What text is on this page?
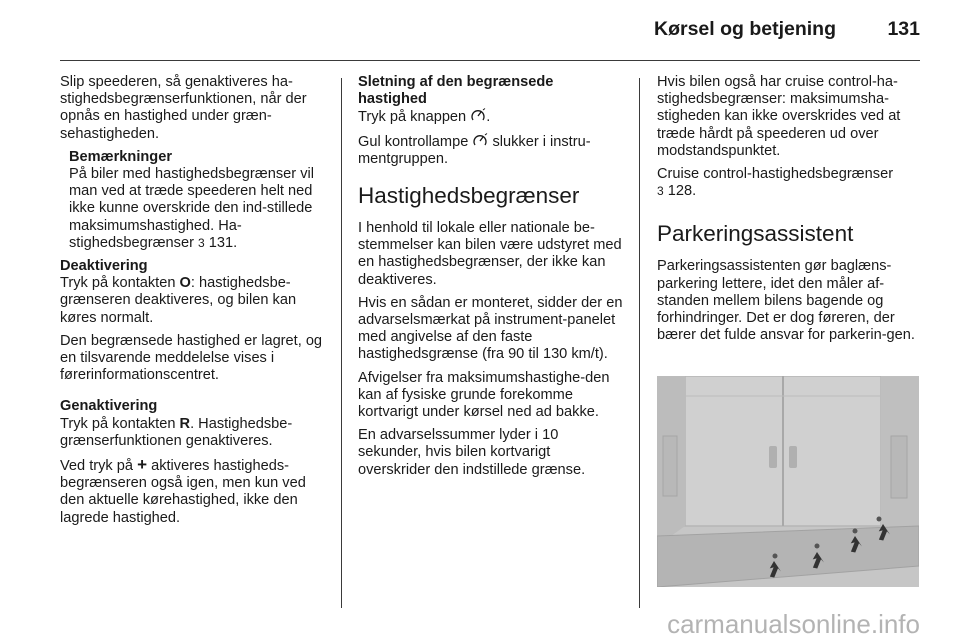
Kørsel og betjening	131

Slip speederen, så genaktiveres ha-stighedsbegrænserfunktionen, når der opnås en hastighed under græn-sehastigheden.

Bemærkninger

På biler med hastighedsbegrænser vil man ved at træde speederen helt ned ikke kunne overskride den ind-stillede maksimumshastighed. Ha-stighedsbegrænser 3 131.

Deaktivering

Tryk på kontakten O: hastighedsbe-grænseren deaktiveres, og bilen kan køres normalt.

Den begrænsede hastighed er lagret, og en tilsvarende meddelelse vises i førerinformationscentret.

Genaktivering

Tryk på kontakten R. Hastighedsbe-grænserfunktionen genaktiveres.

Ved tryk på + aktiveres hastigheds-begrænseren også igen, men kun ved den aktuelle kørehastighed, ikke den lagrede hastighed.

Sletning af den begrænsede hastighed

Tryk på knappen .

Gul kontrollampe slukker i instru-mentgruppen.

Hastighedsbegrænser

I henhold til lokale eller nationale be-stemmelser kan bilen være udstyret med en hastighedsbegrænser, der ikke kan deaktiveres.

Hvis en sådan er monteret, sidder der en advarselsmærkat på instrument-panelet med angivelse af den faste hastighedsgrænse (fra 90 til 130 km/t).

Afvigelser fra maksimumshastighe-den kan af fysiske grunde forekomme kortvarigt under kørsel ned ad bakke.

En advarselssummer lyder i 10 sekunder, hvis bilen kortvarigt overskrider den indstillede grænse.

Hvis bilen også har cruise control-ha-stighedsbegrænser: maksimumsha-stigheden kan ikke overskrides ved at træde hårdt på speederen ud over modstandspunktet.

Cruise control-hastighedsbegrænser
3 128.

Parkeringsassistent

Parkeringsassistenten gør baglæns-parkering lettere, idet den måler af-standen mellem bilens bagende og forhindringer. Det er dog føreren, der bærer det fulde ansvar for parkerin-gen.

carmanualsonline.info
